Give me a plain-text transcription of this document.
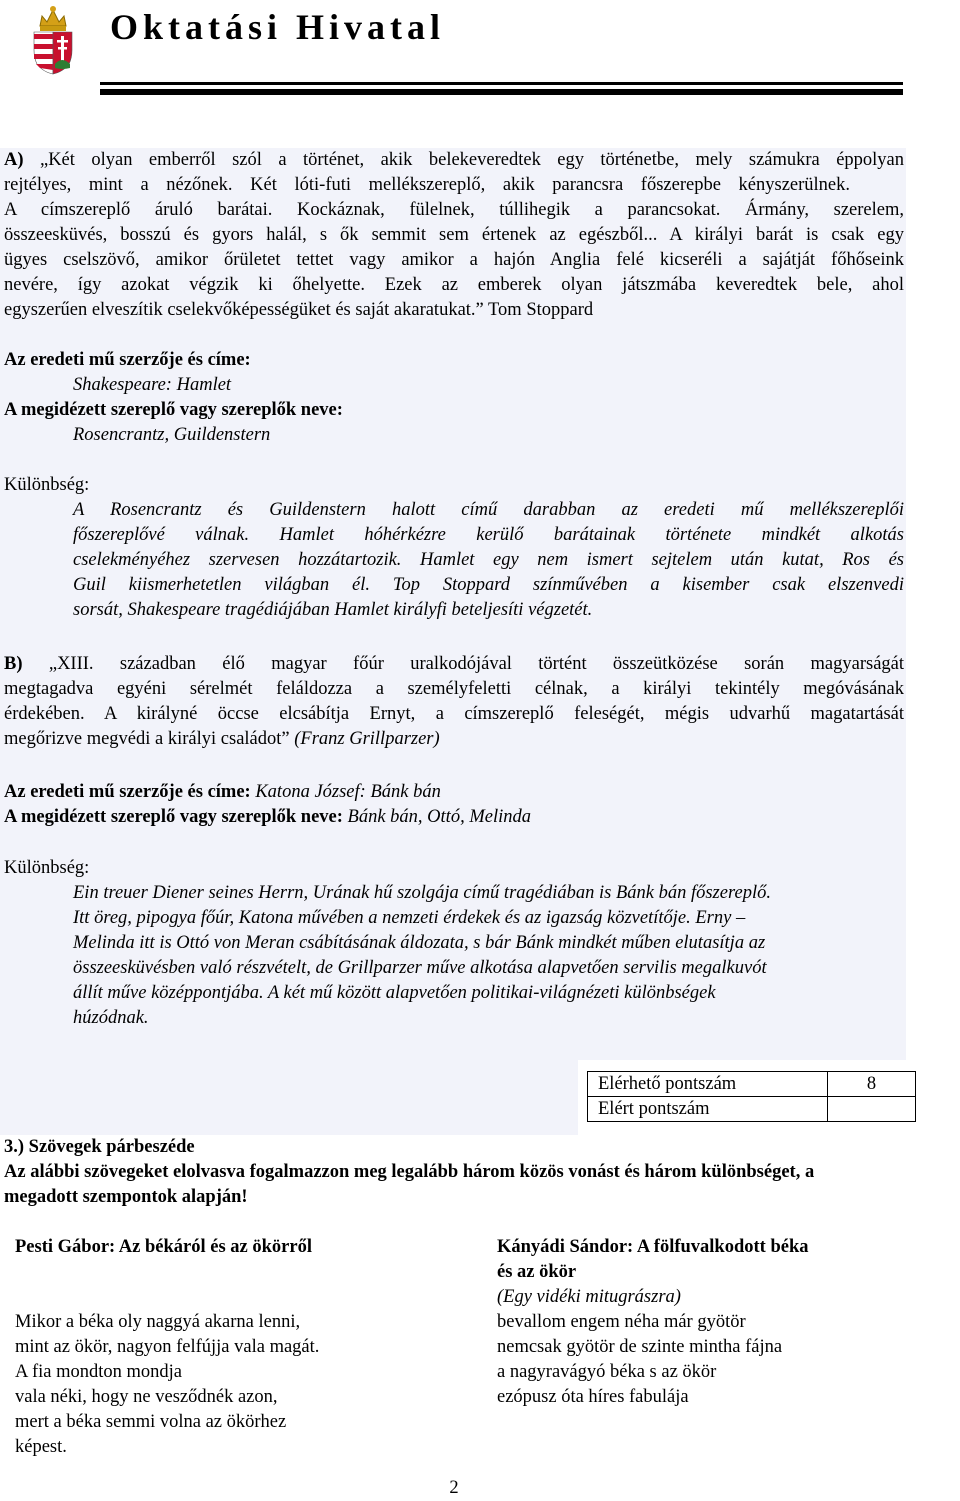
Oktatási Hivatal
A) „Két olyan emberről szól a történet, akik belekeveredtek egy történetbe, mely számukra éppolyan
rejtélyes, mint a nézőnek. Két lóti-futi mellékszereplő, akik parancsra főszerepbe kényszerülnek.
A címszereplő áruló barátai. Kockáznak, fülelnek, túllihegik a parancsokat. Ármány, szerelem,
összeesküvés, bosszú és gyors halál, s ők semmit sem értenek az egészből... A királyi barát is csak egy
ügyes cselszövő, amikor őrületet tettet vagy amikor a hajón Anglia felé kicseréli a sajátját főhőseink
nevére, így azokat végzik ki őhelyette. Ezek az emberek olyan játszmába keveredtek bele, ahol
egyszerűen elveszítik cselekvőképességüket és saját akaratukat.” Tom Stoppard
Az eredeti mű szerzője és címe:
Shakespeare: Hamlet
A megidézett szereplő vagy szereplők neve:
Rosencrantz, Guildenstern
Különbség:
A Rosencrantz és Guildenstern halott című darabban az eredeti mű mellékszereplői
főszereplővé válnak. Hamlet hóhérkézre kerülő barátainak története mindkét alkotás
cselekményéhez szervesen hozzátartozik. Hamlet egy nem ismert sejtelem után kutat, Ros és
Guil kiismerhetetlen világban él. Top Stoppard színművében a kisember csak elszenvedi
sorsát, Shakespeare tragédiájában Hamlet királyfi beteljesíti végzetét.
B) „XIII. században élő magyar főúr uralkodójával történt összeütközése során magyarságát
megtagadva egyéni sérelmét feláldozza a személyfeletti célnak, a királyi tekintély megóvásának
érdekében. A királyné öccse elcsábítja Ernyt, a címszereplő feleségét, mégis udvarhű magatartását
megőrizve megvédi a királyi családot” (Franz Grillparzer)
Az eredeti mű szerzője és címe: Katona József: Bánk bán
A megidézett szereplő vagy szereplők neve: Bánk bán, Ottó, Melinda
Különbség:
Ein treuer Diener seines Herrn, Urának hű szolgája című tragédiában is Bánk bán főszereplő.
Itt öreg, pipogya főúr, Katona művében a nemzeti érdekek és az igazság közvetítője. Erny –
Melinda itt is Ottó von Meran csábításának áldozata, s bár Bánk mindkét műben elutasítja az
összeesküvésben való részvételt, de Grillparzer műve alkotása alapvetően servilis megalkuvót
állít műve középpontjába. A két mű között alapvetően politikai-világnézeti különbségek
húzódnak.
Elérhető pontszám	8
Elért pontszám	
3.) Szövegek párbeszéde
Az alábbi szövegeket elolvasva fogalmazzon meg legalább három közös vonást és három különbséget, a
megadott szempontok alapján!
Pesti Gábor: Az békáról és az ökörről
Mikor a béka oly naggyá akarna lenni,
mint az ökör, nagyon felfújja vala magát.
A fia mondton mondja
vala néki, hogy ne vesződnék azon,
mert a béka semmi volna az ökörhez
képest.
Kányádi Sándor: A fölfuvalkodott béka
és az ökör
(Egy vidéki mitugrászra)
bevallom engem néha már gyötör
nemcsak gyötör de szinte mintha fájna
a nagyravágyó béka s az ökör
ezópusz óta híres fabulája
2
